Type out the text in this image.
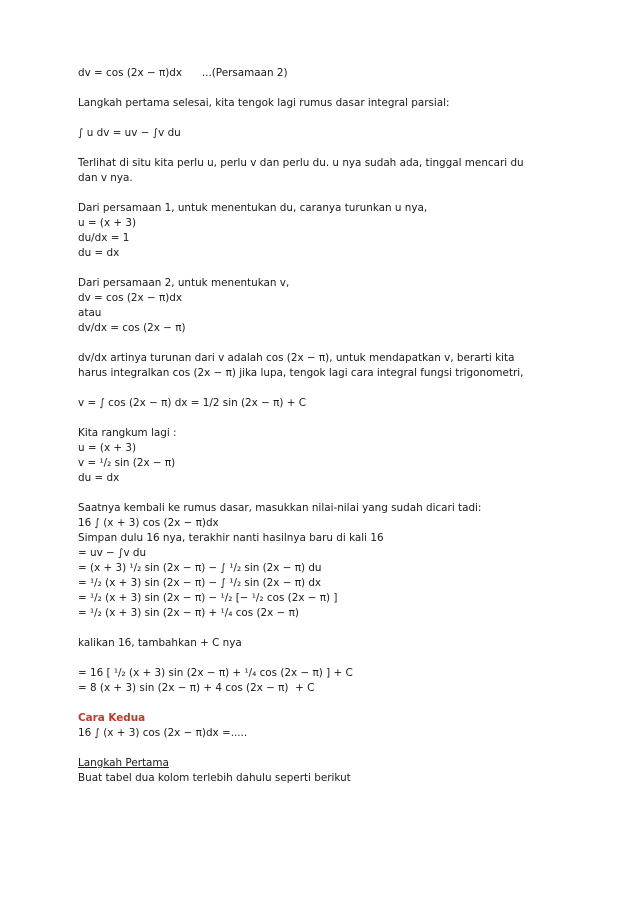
dv = cos (2x − π)dx      ...(Persamaan 2)

Langkah pertama selesai, kita tengok lagi rumus dasar integral parsial:

∫ u dv = uv − ∫v du

Terlihat di situ kita perlu u, perlu v dan perlu du. u nya sudah ada, tinggal mencari du

dan v nya.

Dari persamaan 1, untuk menentukan du, caranya turunkan u nya,

u = (x + 3)

du/dx = 1

du = dx

Dari persamaan 2, untuk menentukan v,

dv = cos (2x − π)dx

atau

dv/dx = cos (2x − π)

dv/dx artinya turunan dari v adalah cos (2x − π), untuk mendapatkan v, berarti kita

harus integralkan cos (2x − π) jika lupa, tengok lagi cara integral fungsi trigonometri,

v = ∫ cos (2x − π) dx = 1/2 sin (2x − π) + C

Kita rangkum lagi :

u = (x + 3)

v = ¹/₂ sin (2x − π)

du = dx

Saatnya kembali ke rumus dasar, masukkan nilai-nilai yang sudah dicari tadi:

16 ∫ (x + 3) cos (2x − π)dx

Simpan dulu 16 nya, terakhir nanti hasilnya baru di kali 16

= uv − ∫v du

= (x + 3) ¹/₂ sin (2x − π) − ∫ ¹/₂ sin (2x − π) du

= ¹/₂ (x + 3) sin (2x − π) − ∫ ¹/₂ sin (2x − π) dx

= ¹/₂ (x + 3) sin (2x − π) − ¹/₂ [− ¹/₂ cos (2x − π) ]

= ¹/₂ (x + 3) sin (2x − π) + ¹/₄ cos (2x − π)

kalikan 16, tambahkan + C nya

= 16 [ ¹/₂ (x + 3) sin (2x − π) + ¹/₄ cos (2x − π) ] + C

= 8 (x + 3) sin (2x − π) + 4 cos (2x − π)  + C

Cara Kedua

16 ∫ (x + 3) cos (2x − π)dx =.....

Langkah Pertama

Buat tabel dua kolom terlebih dahulu seperti berikut
